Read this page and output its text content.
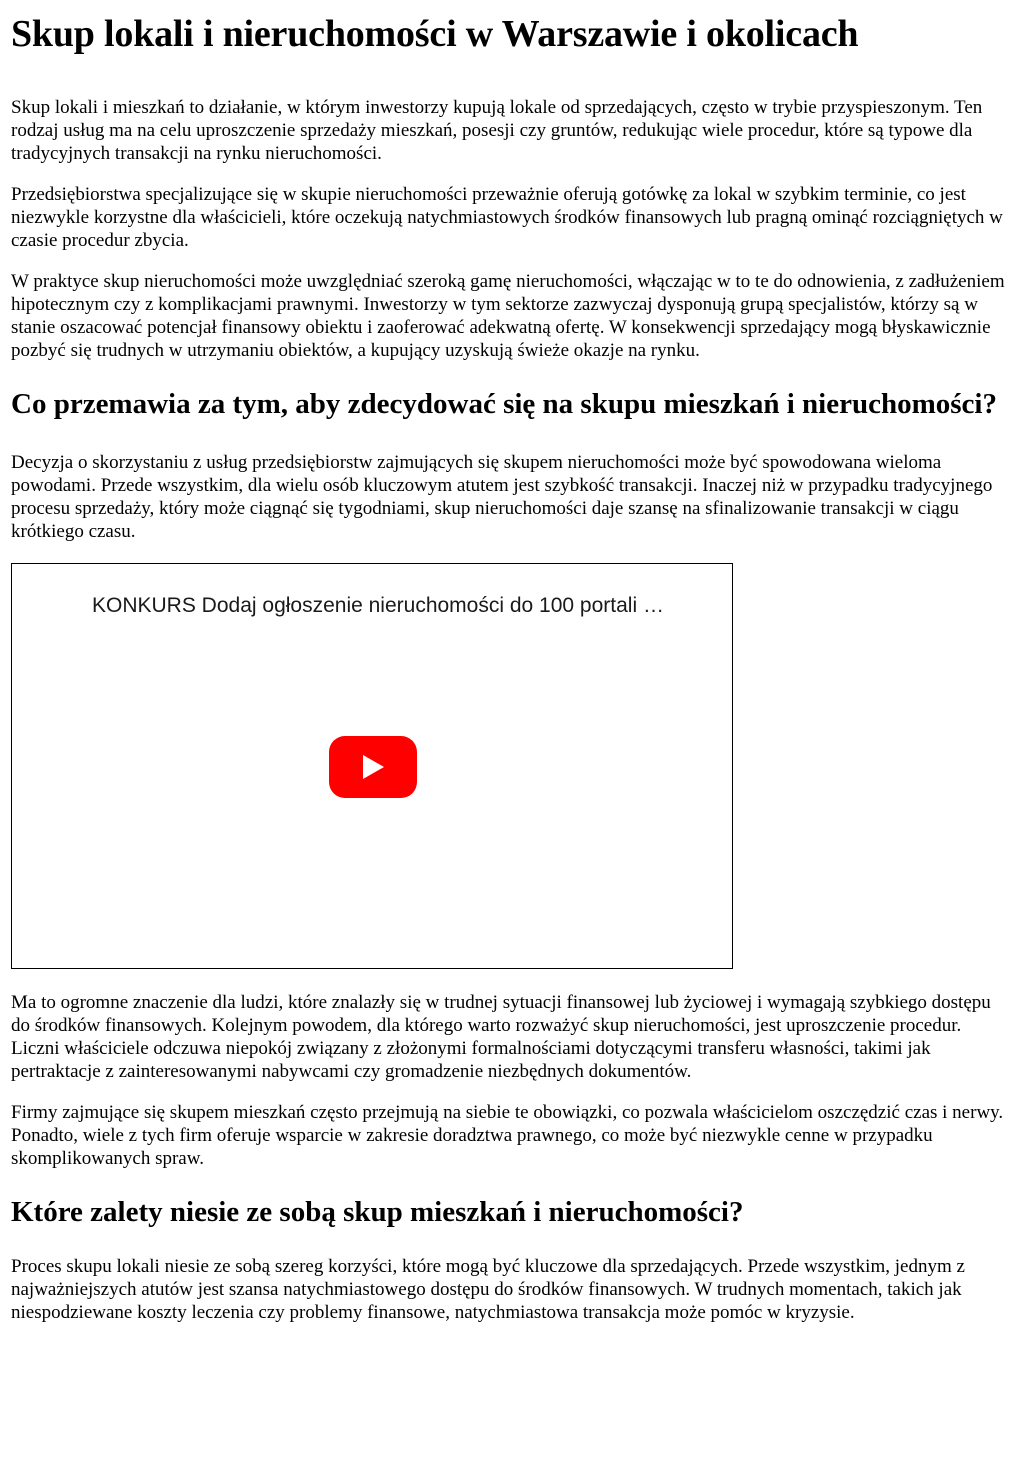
Skup lokali i nieruchomości w Warszawie i okolicach

Skup lokali i mieszkań to działanie, w którym inwestorzy kupują lokale od sprzedających, często w trybie przyspieszonym. Ten rodzaj usług ma na celu uproszczenie sprzedaży mieszkań, posesji czy gruntów, redukując wiele procedur, które są typowe dla tradycyjnych transakcji na rynku nieruchomości.

Przedsiębiorstwa specjalizujące się w skupie nieruchomości przeważnie oferują gotówkę za lokal w szybkim terminie, co jest niezwykle korzystne dla właścicieli, które oczekują natychmiastowych środków finansowych lub pragną ominąć rozciągniętych w czasie procedur zbycia.

W praktyce skup nieruchomości może uwzględniać szeroką gamę nieruchomości, włączając w to te do odnowienia, z zadłużeniem hipotecznym czy z komplikacjami prawnymi. Inwestorzy w tym sektorze zazwyczaj dysponują grupą specjalistów, którzy są w stanie oszacować potencjał finansowy obiektu i zaoferować adekwatną ofertę. W konsekwencji sprzedający mogą błyskawicznie pozbyć się trudnych w utrzymaniu obiektów, a kupujący uzyskują świeże okazje na rynku.

Co przemawia za tym, aby zdecydować się na skupu mieszkań i nieruchomości?

Decyzja o skorzystaniu z usług przedsiębiorstw zajmujących się skupem nieruchomości może być spowodowana wieloma powodami. Przede wszystkim, dla wielu osób kluczowym atutem jest szybkość transakcji. Inaczej niż w przypadku tradycyjnego procesu sprzedaży, który może ciągnąć się tygodniami, skup nieruchomości daje szansę na sfinalizowanie transakcji w ciągu krótkiego czasu.

KONKURS Dodaj ogłoszenie nieruchomości do 100 portali …

Ma to ogromne znaczenie dla ludzi, które znalazły się w trudnej sytuacji finansowej lub życiowej i wymagają szybkiego dostępu do środków finansowych. Kolejnym powodem, dla którego warto rozważyć skup nieruchomości, jest uproszczenie procedur. Liczni właściciele odczuwa niepokój związany z złożonymi formalnościami dotyczącymi transferu własności, takimi jak pertraktacje z zainteresowanymi nabywcami czy gromadzenie niezbędnych dokumentów.

Firmy zajmujące się skupem mieszkań często przejmują na siebie te obowiązki, co pozwala właścicielom oszczędzić czas i nerwy. Ponadto, wiele z tych firm oferuje wsparcie w zakresie doradztwa prawnego, co może być niezwykle cenne w przypadku skomplikowanych spraw.

Które zalety niesie ze sobą skup mieszkań i nieruchomości?

Proces skupu lokali niesie ze sobą szereg korzyści, które mogą być kluczowe dla sprzedających. Przede wszystkim, jednym z najważniejszych atutów jest szansa natychmiastowego dostępu do środków finansowych. W trudnych momentach, takich jak niespodziewane koszty leczenia czy problemy finansowe, natychmiastowa transakcja może pomóc w kryzysie.
